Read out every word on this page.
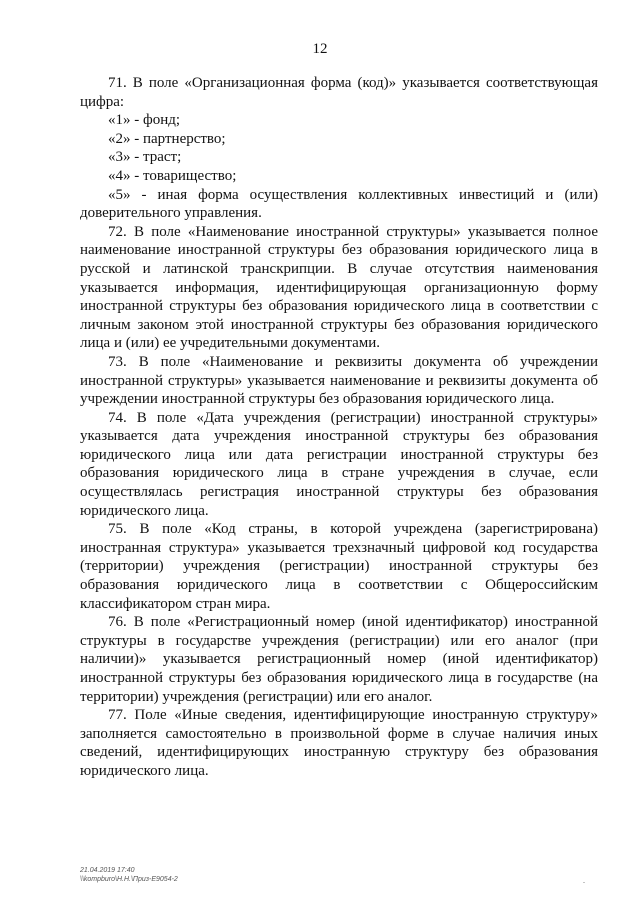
12

71. В поле «Организационная форма (код)» указывается соответствующая цифра:

«1» - фонд;

«2» - партнерство;

«3» - траст;

«4» - товарищество;

«5» - иная форма осуществления коллективных инвестиций и (или) доверительного управления.

72. В поле «Наименование иностранной структуры» указывается полное наименование иностранной структуры без образования юридического лица в русской и латинской транскрипции. В случае отсутствия наименования указывается информация, идентифицирующая организационную форму иностранной структуры без образования юридического лица в соответствии с личным законом этой иностранной структуры без образования юридического лица и (или) ее учредительными документами.

73. В поле «Наименование и реквизиты документа об учреждении иностранной структуры» указывается наименование и реквизиты документа об учреждении иностранной структуры без образования юридического лица.

74. В поле «Дата учреждения (регистрации) иностранной структуры» указывается дата учреждения иностранной структуры без образования юридического лица или дата регистрации иностранной структуры без образования юридического лица в стране учреждения в случае, если осуществлялась регистрация иностранной структуры без образования юридического лица.

75. В поле «Код страны, в которой учреждена (зарегистрирована) иностранная структура» указывается трехзначный цифровой код государства (территории) учреждения (регистрации) иностранной структуры без образования юридического лица в соответствии с Общероссийским классификатором стран мира.

76. В поле «Регистрационный номер (иной идентификатор) иностранной структуры в государстве учреждения (регистрации) или его аналог (при наличии)» указывается регистрационный номер (иной идентификатор) иностранной структуры без образования юридического лица в государстве (на территории) учреждения (регистрации) или его аналог.

77. Поле «Иные сведения, идентифицирующие иностранную структуру» заполняется самостоятельно в произвольной форме в случае наличия иных сведений, идентифицирующих иностранную структуру без образования юридического лица.

21.04.2019 17:40
\\kompburo\Н.Н.\Приз-Е9054-2	.
